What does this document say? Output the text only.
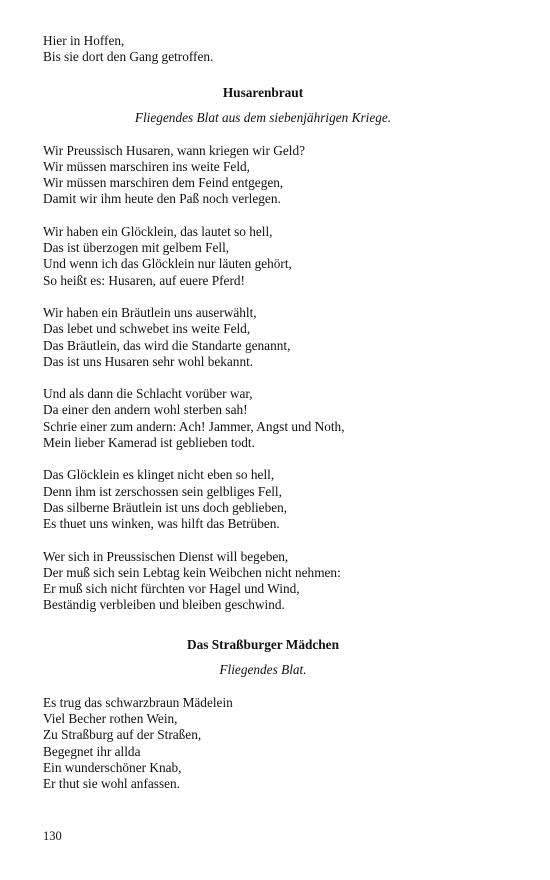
Hier in Hoffen,
Bis sie dort den Gang getroffen.
Husarenbraut
Fliegendes Blat aus dem siebenjährigen Kriege.
Wir Preussisch Husaren, wann kriegen wir Geld?
Wir müssen marschiren ins weite Feld,
Wir müssen marschiren dem Feind entgegen,
Damit wir ihm heute den Paß noch verlegen.
Wir haben ein Glöcklein, das lautet so hell,
Das ist überzogen mit gelbem Fell,
Und wenn ich das Glöcklein nur läuten gehört,
So heißt es: Husaren, auf euere Pferd!
Wir haben ein Bräutlein uns auserwählt,
Das lebet und schwebet ins weite Feld,
Das Bräutlein, das wird die Standarte genannt,
Das ist uns Husaren sehr wohl bekannt.
Und als dann die Schlacht vorüber war,
Da einer den andern wohl sterben sah!
Schrie einer zum andern: Ach! Jammer, Angst und Noth,
Mein lieber Kamerad ist geblieben todt.
Das Glöcklein es klinget nicht eben so hell,
Denn ihm ist zerschossen sein gelbliges Fell,
Das silberne Bräutlein ist uns doch geblieben,
Es thuet uns winken, was hilft das Betrüben.
Wer sich in Preussischen Dienst will begeben,
Der muß sich sein Lebtag kein Weibchen nicht nehmen:
Er muß sich nicht fürchten vor Hagel und Wind,
Beständig verbleiben und bleiben geschwind.
Das Straßburger Mädchen
Fliegendes Blat.
Es trug das schwarzbraun Mädelein
Viel Becher rothen Wein,
Zu Straßburg auf der Straßen,
Begegnet ihr allda
Ein wunderschöner Knab,
Er thut sie wohl anfassen.
130
